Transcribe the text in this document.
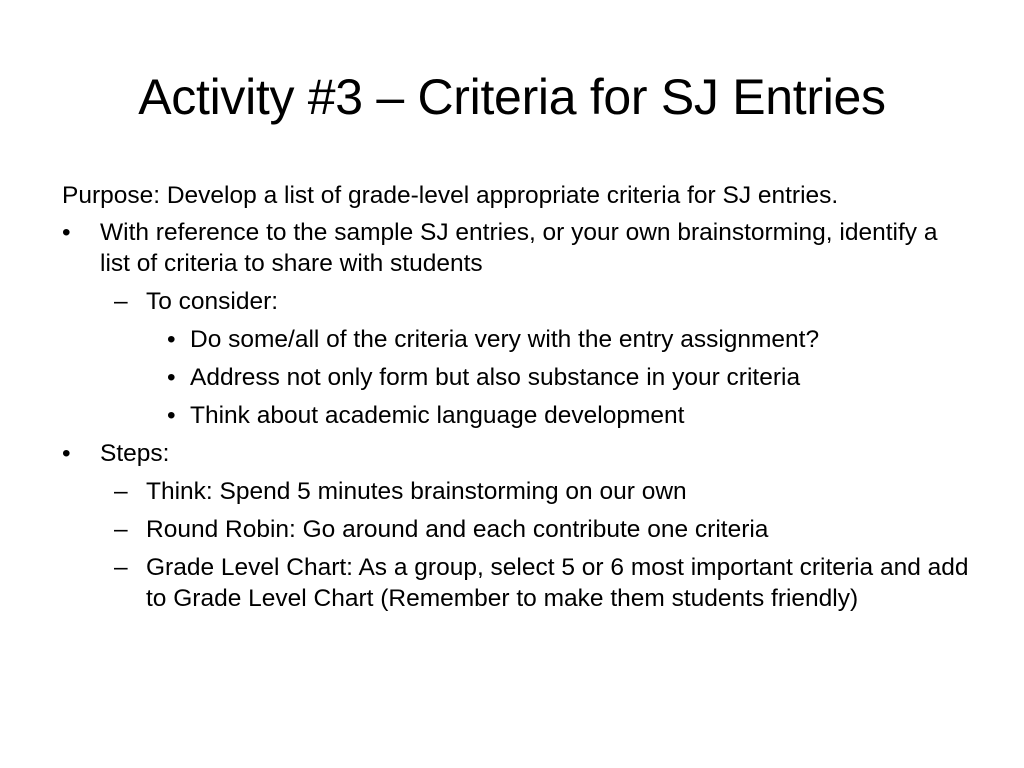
Activity #3 – Criteria for SJ Entries
Purpose: Develop a list of grade-level appropriate criteria for SJ entries.
• With reference to the sample SJ entries, or your own brainstorming, identify a list of criteria to share with students
– To consider:
• Do some/all of the criteria very with the entry assignment?
• Address not only form but also substance in your criteria
• Think about academic language development
• Steps:
– Think: Spend 5 minutes brainstorming on our own
– Round Robin: Go around and each contribute one criteria
– Grade Level Chart: As a group, select 5 or 6 most important criteria and add to Grade Level Chart (Remember to make them students friendly)
